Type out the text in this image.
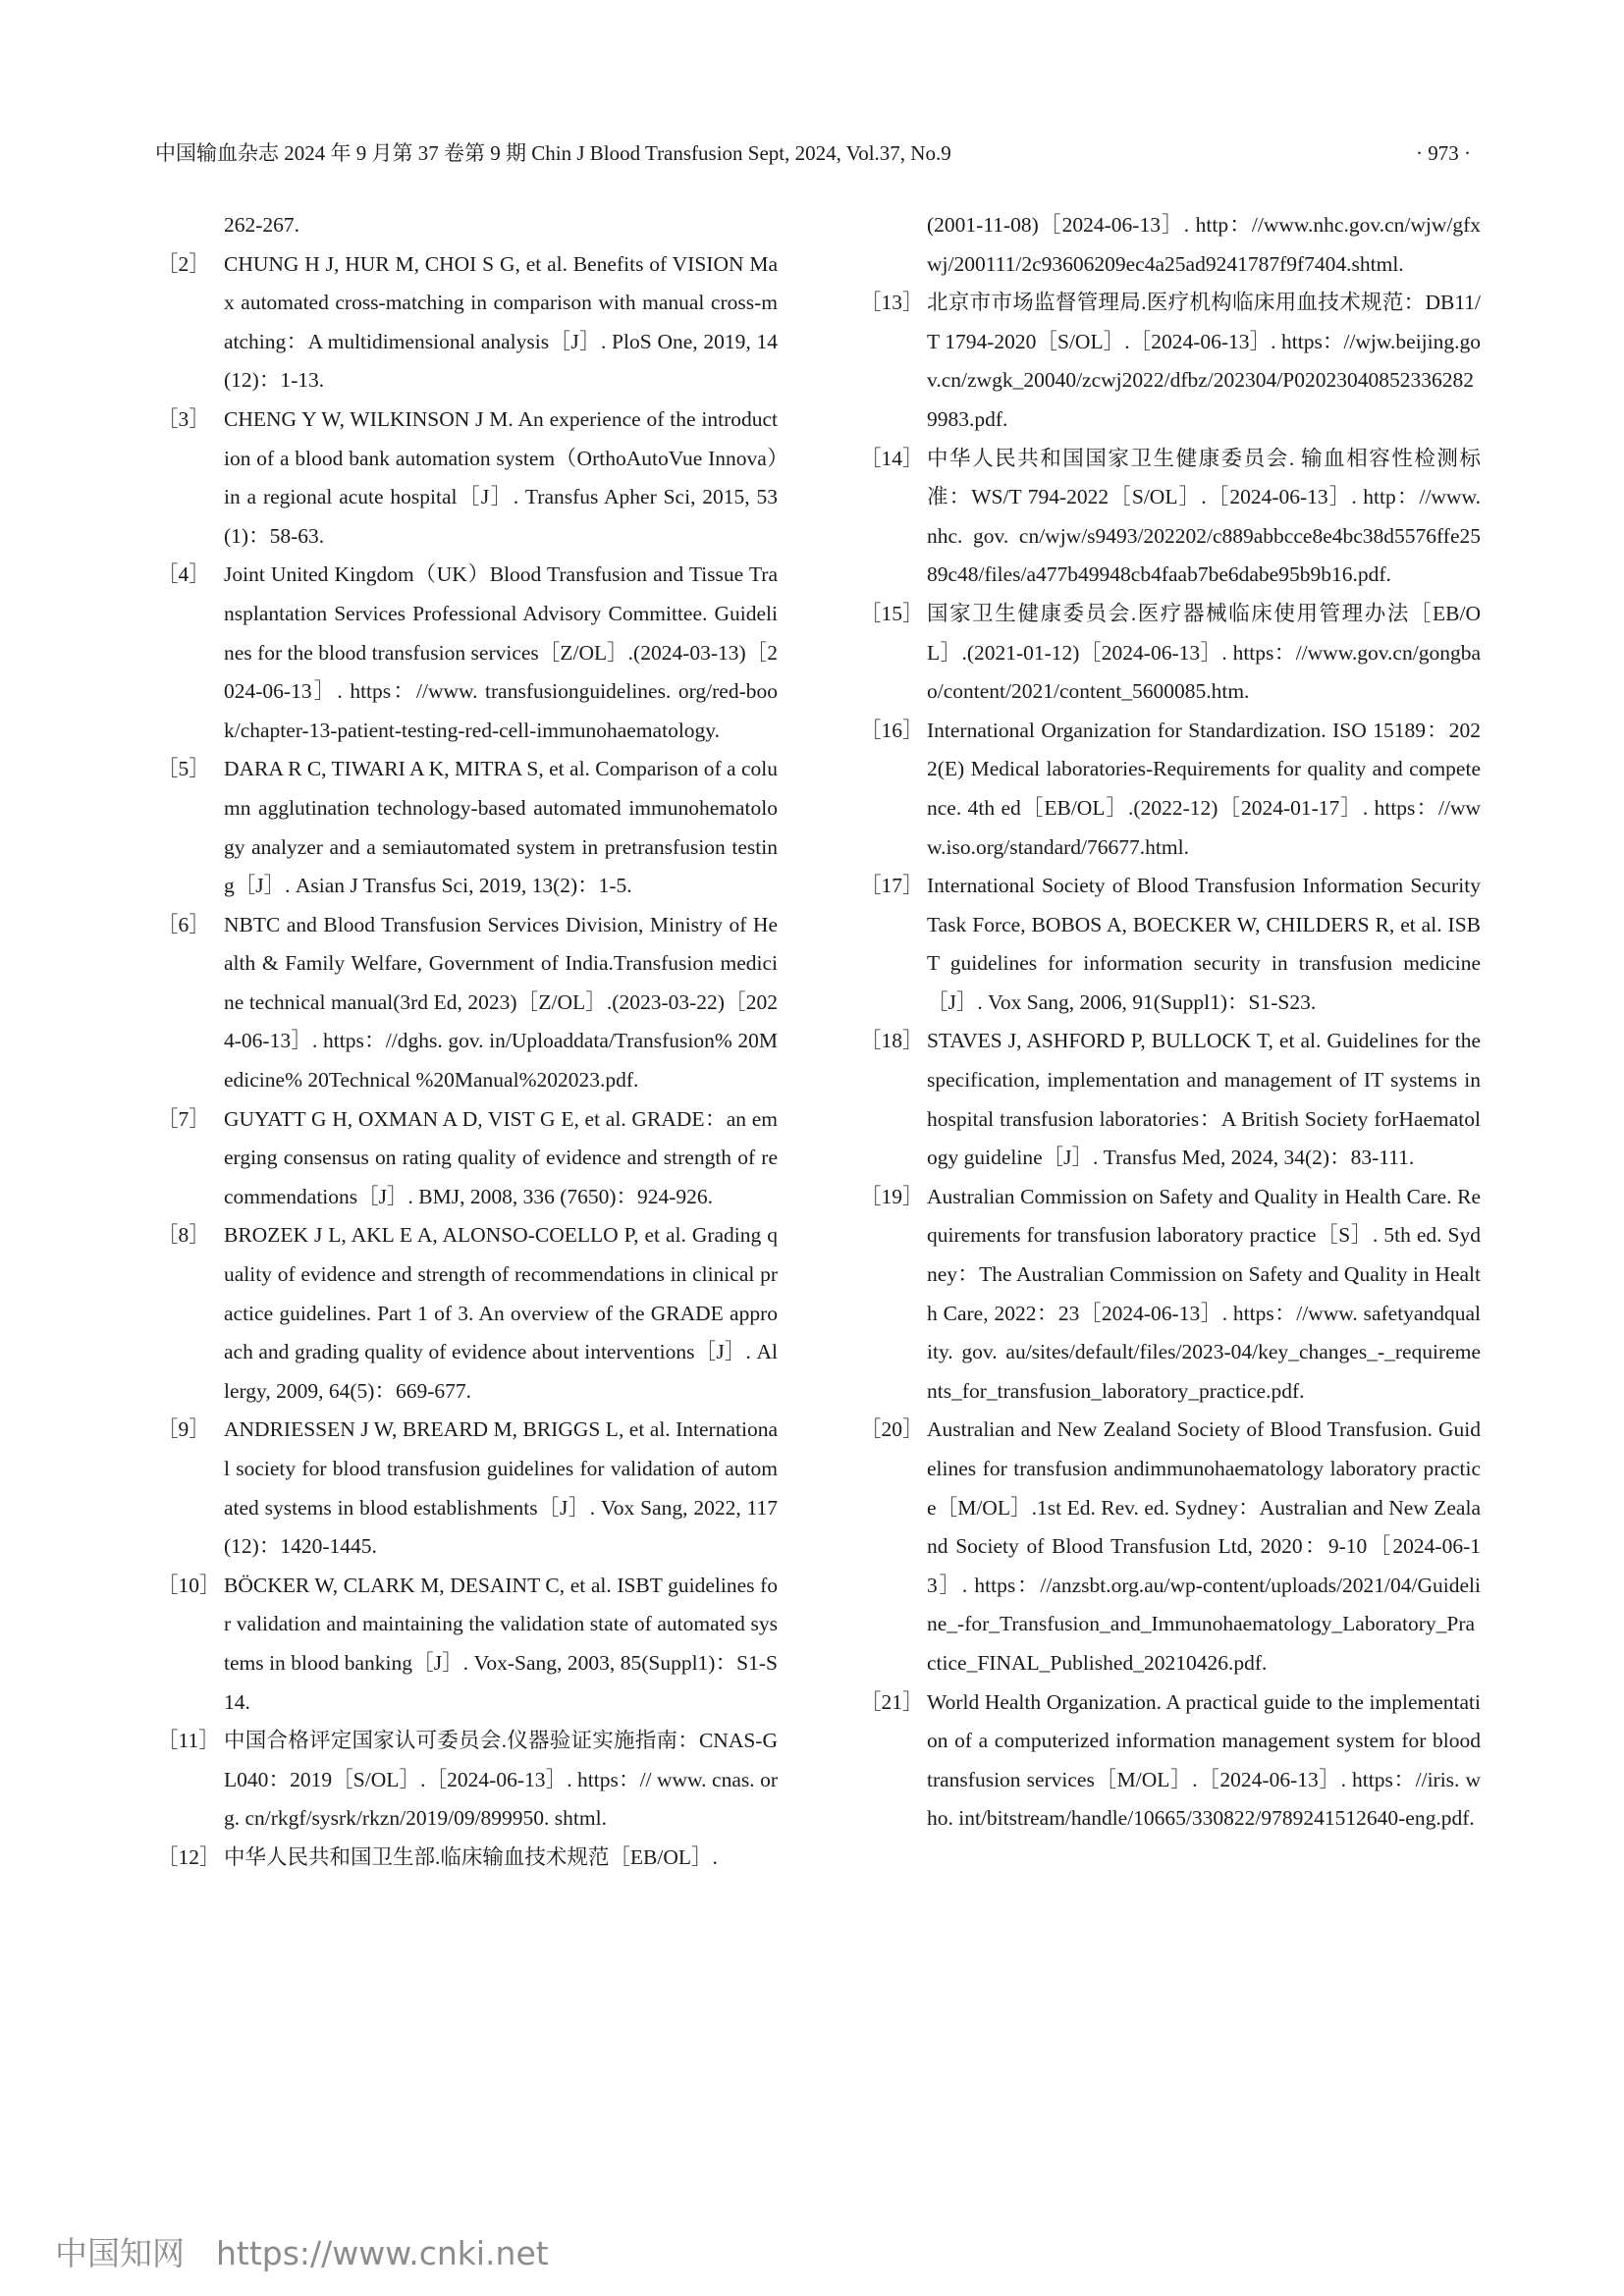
中国输血杂志 2024 年 9 月第 37 卷第 9 期 Chin J Blood Transfusion Sept, 2024, Vol.37, No.9	· 973 ·
262-267.
［2］ CHUNG H J, HUR M, CHOI S G, et al. Benefits of VISION Max automated cross-matching in comparison with manual cross-matching：A multidimensional analysis［J］. PloS One, 2019, 14(12)：1-13.
［3］ CHENG Y W, WILKINSON J M. An experience of the introduction of a blood bank automation system（OrthoAutoVue Innova）in a regional acute hospital［J］. Transfus Apher Sci, 2015, 53(1)：58-63.
［4］ Joint United Kingdom（UK）Blood Transfusion and Tissue Transplantation Services Professional Advisory Committee. Guidelines for the blood transfusion services［Z/OL］.(2024-03-13)［2024-06-13］. https：//www. transfusionguidelines. org/red-book/chapter-13-patient-testing-red-cell-immunohaematology.
［5］ DARA R C, TIWARI A K, MITRA S, et al. Comparison of a column agglutination technology-based automated immunohematology analyzer and a semiautomated system in pretransfusion testing［J］. Asian J Transfus Sci, 2019, 13(2)：1-5.
［6］ NBTC and Blood Transfusion Services Division, Ministry of Health & Family Welfare, Government of India.Transfusion medicine technical manual(3rd Ed, 2023)［Z/OL］.(2023-03-22)［2024-06-13］. https：//dghs. gov. in/Uploaddata/Transfusion% 20Medicine% 20Technical %20Manual%202023.pdf.
［7］ GUYATT G H, OXMAN A D, VIST G E, et al. GRADE：an emerging consensus on rating quality of evidence and strength of recommendations［J］. BMJ, 2008, 336 (7650)：924-926.
［8］ BROZEK J L, AKL E A, ALONSO-COELLO P, et al. Grading quality of evidence and strength of recommendations in clinical practice guidelines. Part 1 of 3. An overview of the GRADE approach and grading quality of evidence about interventions［J］. Allergy, 2009, 64(5)：669-677.
［9］ ANDRIESSEN J W, BREARD M, BRIGGS L, et al. International society for blood transfusion guidelines for validation of automated systems in blood establishments［J］. Vox Sang, 2022, 117(12)：1420-1445.
［10］ BÖCKER W, CLARK M, DESAINT C, et al. ISBT guidelines for validation and maintaining the validation state of automated systems in blood banking［J］. Vox-Sang, 2003, 85(Suppl1)：S1-S14.
［11］ 中国合格评定国家认可委员会.仪器验证实施指南：CNAS-GL040：2019［S/OL］.［2024-06-13］. https：// www. cnas. org. cn/rkgf/sysrk/rkzn/2019/09/899950. shtml.
［12］ 中华人民共和国卫生部.临床输血技术规范［EB/OL］.
(2001-11-08)［2024-06-13］. http：//www.nhc.gov.cn/wjw/gfxwj/200111/2c93606209ec4a25ad9241787f9f7404.shtml.
［13］ 北京市市场监督管理局.医疗机构临床用血技术规范：DB11/T 1794-2020［S/OL］.［2024-06-13］. https：//wjw.beijing.gov.cn/zwgk_20040/zcwj2022/dfbz/202304/P020230408523362829983.pdf.
［14］ 中华人民共和国国家卫生健康委员会. 输血相容性检测标准：WS/T 794-2022［S/OL］.［2024-06-13］. http：//www. nhc. gov. cn/wjw/s9493/202202/c889abbcce8e4bc38d5576ffe2589c48/files/a477b49948cb4faab7be6dabe95b9b16.pdf.
［15］ 国家卫生健康委员会.医疗器械临床使用管理办法［EB/OL］.(2021-01-12)［2024-06-13］. https：//www.gov.cn/gongbao/content/2021/content_5600085.htm.
［16］ International Organization for Standardization. ISO 15189：2022(E) Medical laboratories-Requirements for quality and competence. 4th ed［EB/OL］.(2022-12)［2024-01-17］. https：//www.iso.org/standard/76677.html.
［17］ International Society of Blood Transfusion Information Security Task Force, BOBOS A, BOECKER W, CHILDERS R, et al. ISBT guidelines for information security in transfusion medicine［J］. Vox Sang, 2006, 91(Suppl1)：S1-S23.
［18］ STAVES J, ASHFORD P, BULLOCK T, et al. Guidelines for the specification, implementation and management of IT systems in hospital transfusion laboratories：A British Society forHaematology guideline［J］. Transfus Med, 2024, 34(2)：83-111.
［19］ Australian Commission on Safety and Quality in Health Care. Requirements for transfusion laboratory practice［S］. 5th ed. Sydney：The Australian Commission on Safety and Quality in Health Care, 2022：23［2024-06-13］. https：//www. safetyandquality. gov. au/sites/default/files/2023-04/key_changes_-_requirements_for_transfusion_laboratory_practice.pdf.
［20］ Australian and New Zealand Society of Blood Transfusion. Guidelines for transfusion andimmunohaematology laboratory practice［M/OL］.1st Ed. Rev. ed. Sydney：Australian and New Zealand Society of Blood Transfusion Ltd, 2020：9-10［2024-06-13］. https：//anzsbt.org.au/wp-content/uploads/2021/04/Guideline_-for_Transfusion_and_Immunohaematology_Laboratory_Practice_FINAL_Published_20210426.pdf.
［21］ World Health Organization. A practical guide to the implementation of a computerized information management system for blood transfusion services［M/OL］.［2024-06-13］. https：//iris. who. int/bitstream/handle/10665/330822/9789241512640-eng.pdf.
中国知网 https://www.cnki.net
